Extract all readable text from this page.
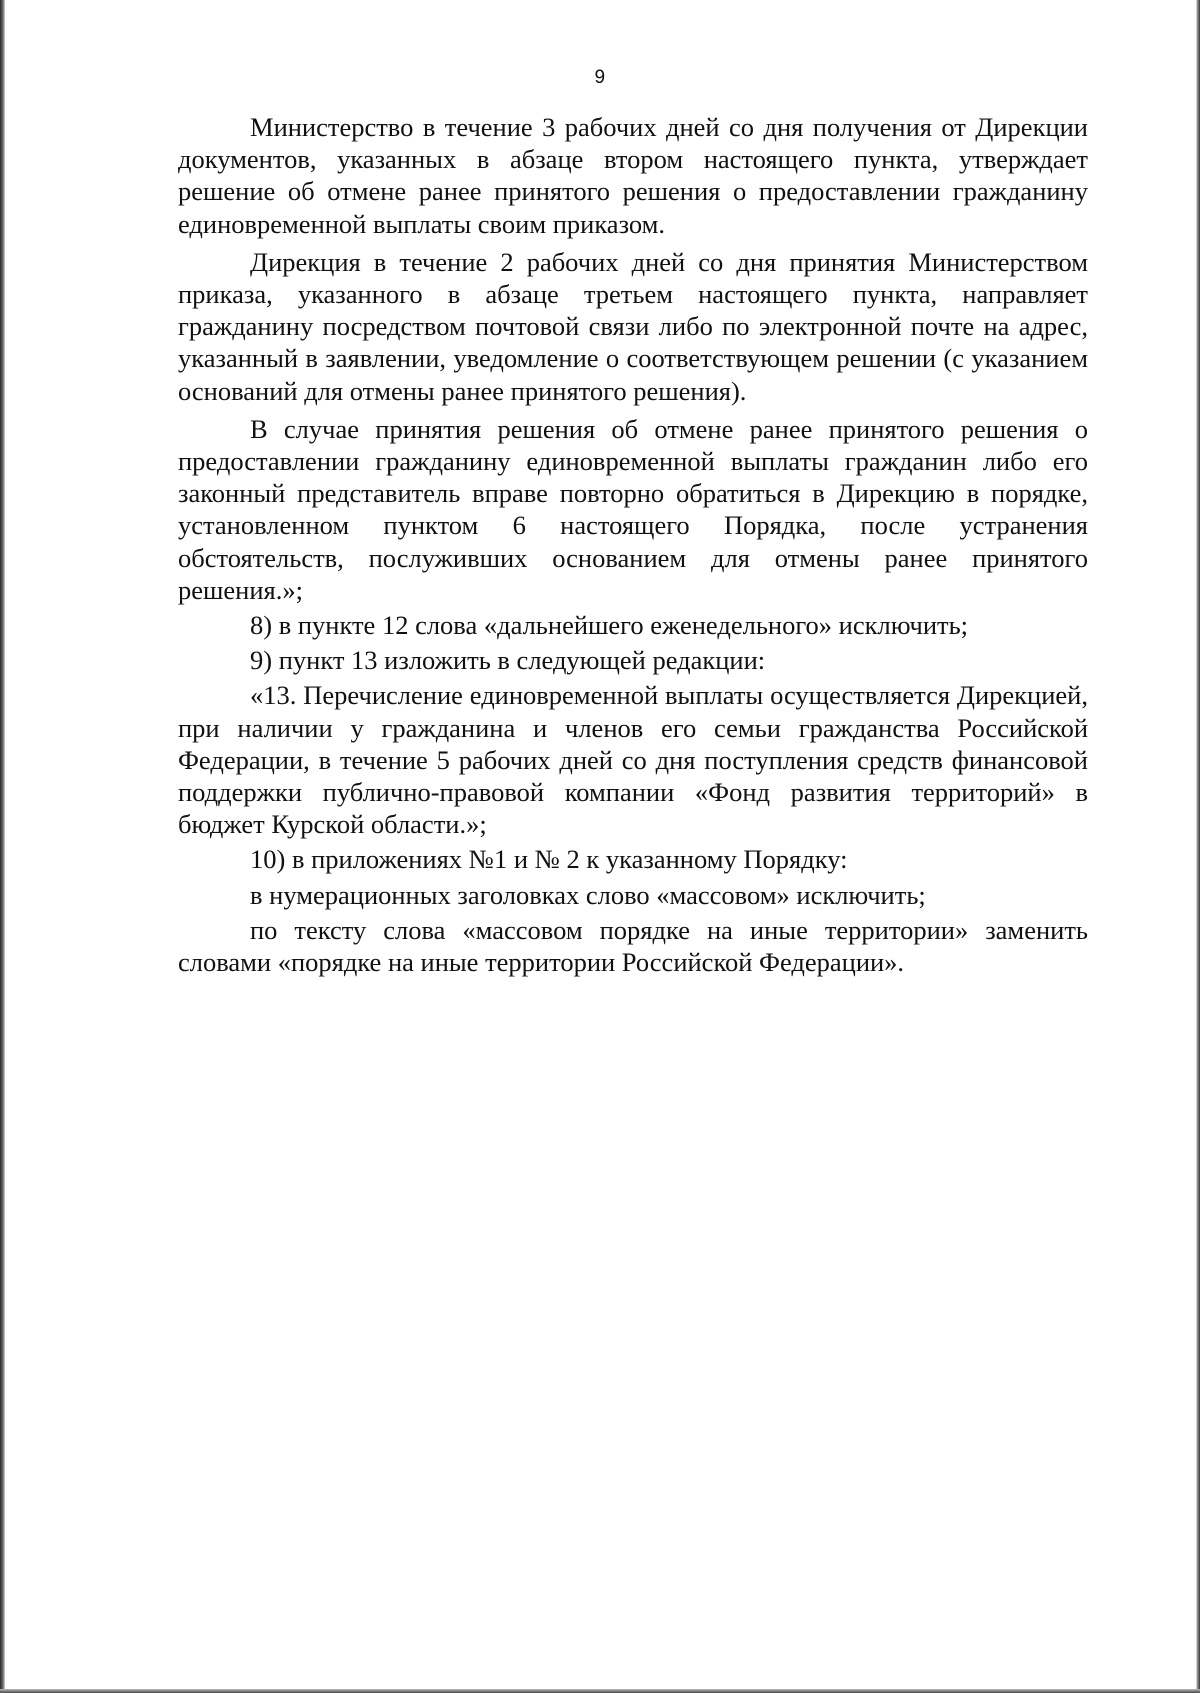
9

Министерство в течение 3 рабочих дней со дня получения от Дирекции документов, указанных в абзаце втором настоящего пункта, утверждает решение об отмене ранее принятого решения о предоставлении гражданину единовременной выплаты своим приказом.

Дирекция в течение 2 рабочих дней со дня принятия Министерством приказа, указанного в абзаце третьем настоящего пункта, направляет гражданину посредством почтовой связи либо по электронной почте на адрес, указанный в заявлении, уведомление о соответствующем решении (с указанием оснований для отмены ранее принятого решения).

В случае принятия решения об отмене ранее принятого решения о предоставлении гражданину единовременной выплаты гражданин либо его законный представитель вправе повторно обратиться в Дирекцию в порядке, установленном пунктом 6 настоящего Порядка, после устранения обстоятельств, послуживших основанием для отмены ранее принятого решения.»;

8) в пункте 12 слова «дальнейшего еженедельного» исключить;

9) пункт 13 изложить в следующей редакции:

«13. Перечисление единовременной выплаты осуществляется Дирекцией, при наличии у гражданина и членов его семьи гражданства Российской Федерации, в течение 5 рабочих дней со дня поступления средств финансовой поддержки публично-правовой компании «Фонд развития территорий» в бюджет Курской области.»;

10) в приложениях №1 и № 2 к указанному Порядку:

в нумерационных заголовках слово «массовом» исключить;

по тексту слова «массовом порядке на иные территории» заменить словами «порядке на иные территории Российской Федерации».
